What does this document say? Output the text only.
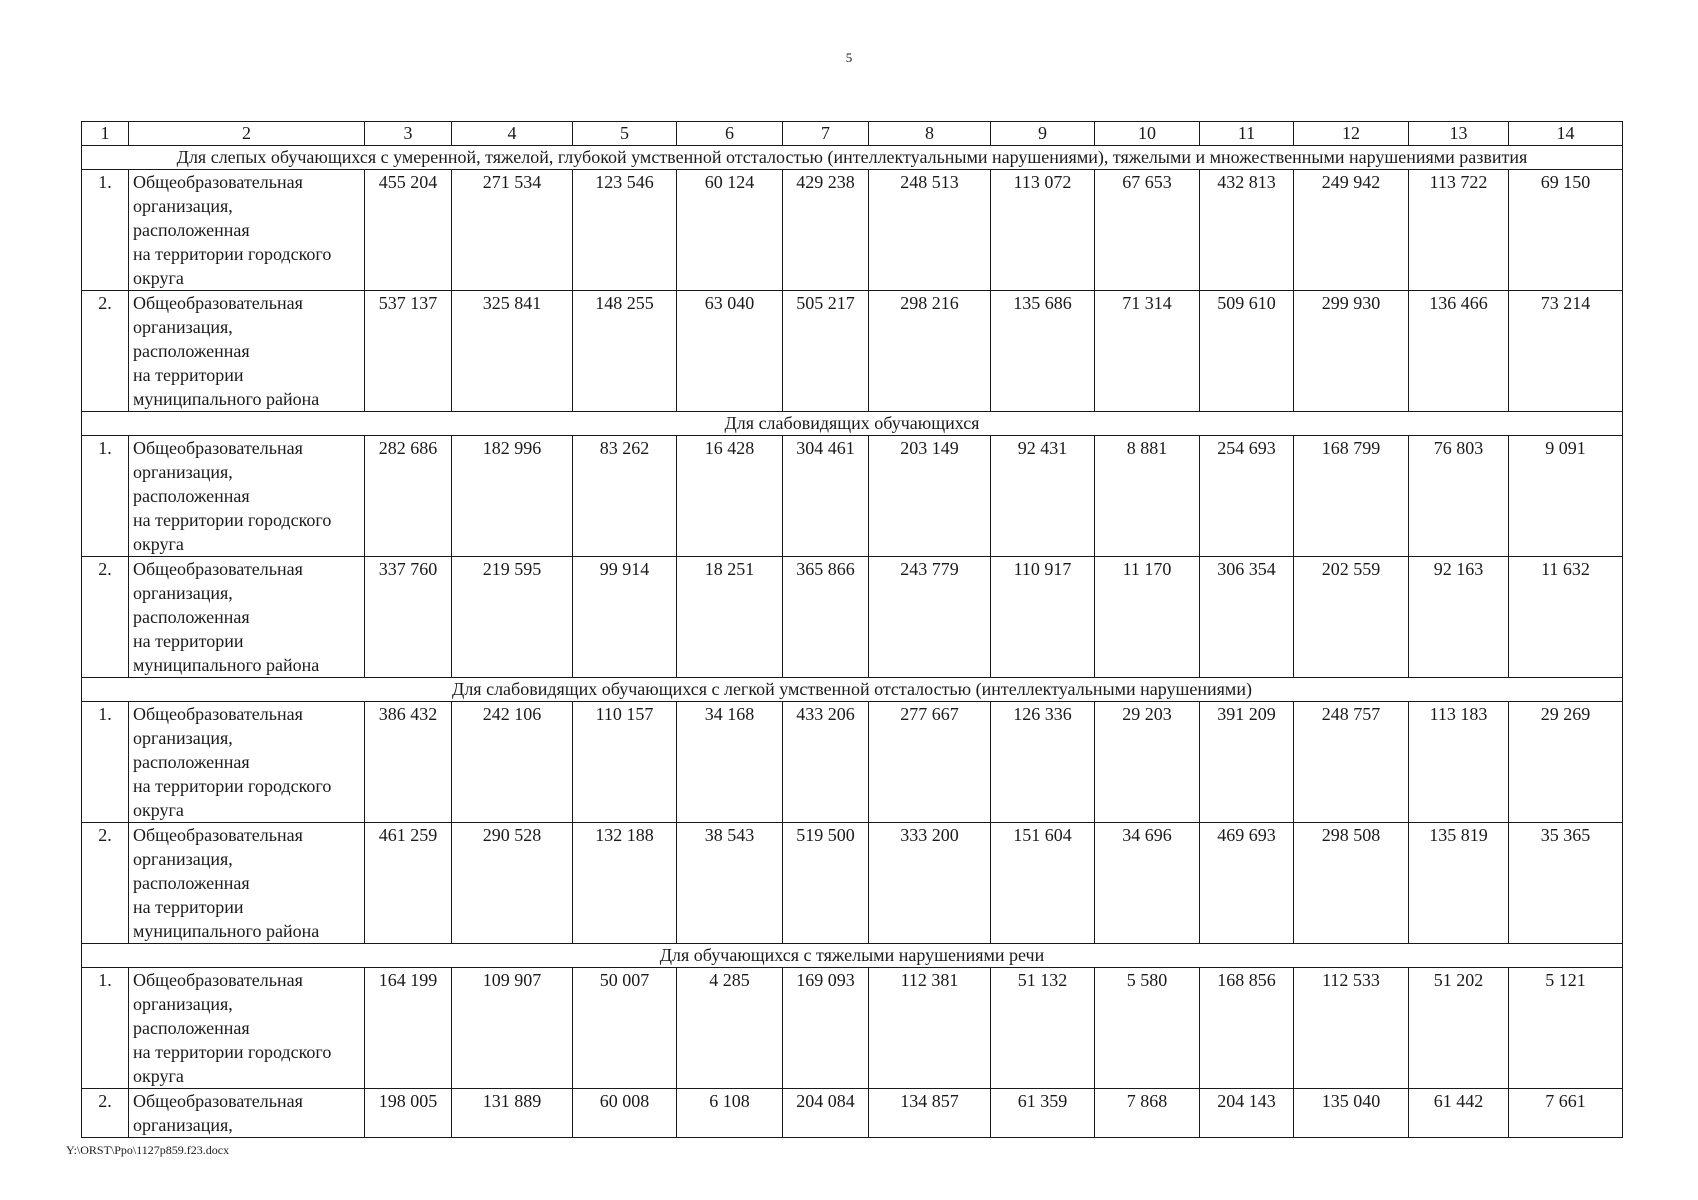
5
1	2	3	4	5	6	7	8	9	10	11	12	13	14
Для слепых обучающихся с умеренной, тяжелой, глубокой умственной отсталостью (интеллектуальными нарушениями), тяжелыми и множественными нарушениями развития													
1.	Общеобразовательная
организация,
расположенная
на территории городского
округа	455 204	271 534	123 546	60 124	429 238	248 513	113 072	67 653	432 813	249 942	113 722	69 150
2.	Общеобразовательная
организация,
расположенная
на территории
муниципального района	537 137	325 841	148 255	63 040	505 217	298 216	135 686	71 314	509 610	299 930	136 466	73 214
Для слабовидящих обучающихся													
1.	Общеобразовательная
организация,
расположенная
на территории городского
округа	282 686	182 996	83 262	16 428	304 461	203 149	92 431	8 881	254 693	168 799	76 803	9 091
2.	Общеобразовательная
организация,
расположенная
на территории
муниципального района	337 760	219 595	99 914	18 251	365 866	243 779	110 917	11 170	306 354	202 559	92 163	11 632
Для слабовидящих обучающихся с легкой умственной отсталостью (интеллектуальными нарушениями)													
1.	Общеобразовательная
организация,
расположенная
на территории городского
округа	386 432	242 106	110 157	34 168	433 206	277 667	126 336	29 203	391 209	248 757	113 183	29 269
2.	Общеобразовательная
организация,
расположенная
на территории
муниципального района	461 259	290 528	132 188	38 543	519 500	333 200	151 604	34 696	469 693	298 508	135 819	35 365
Для обучающихся с тяжелыми нарушениями речи													
1.	Общеобразовательная
организация,
расположенная
на территории городского
округа	164 199	109 907	50 007	4 285	169 093	112 381	51 132	5 580	168 856	112 533	51 202	5 121
2.	Общеобразовательная
организация,	198 005	131 889	60 008	6 108	204 084	134 857	61 359	7 868	204 143	135 040	61 442	7 661
Y:\ORST\Ppo\1127p859.f23.docx
